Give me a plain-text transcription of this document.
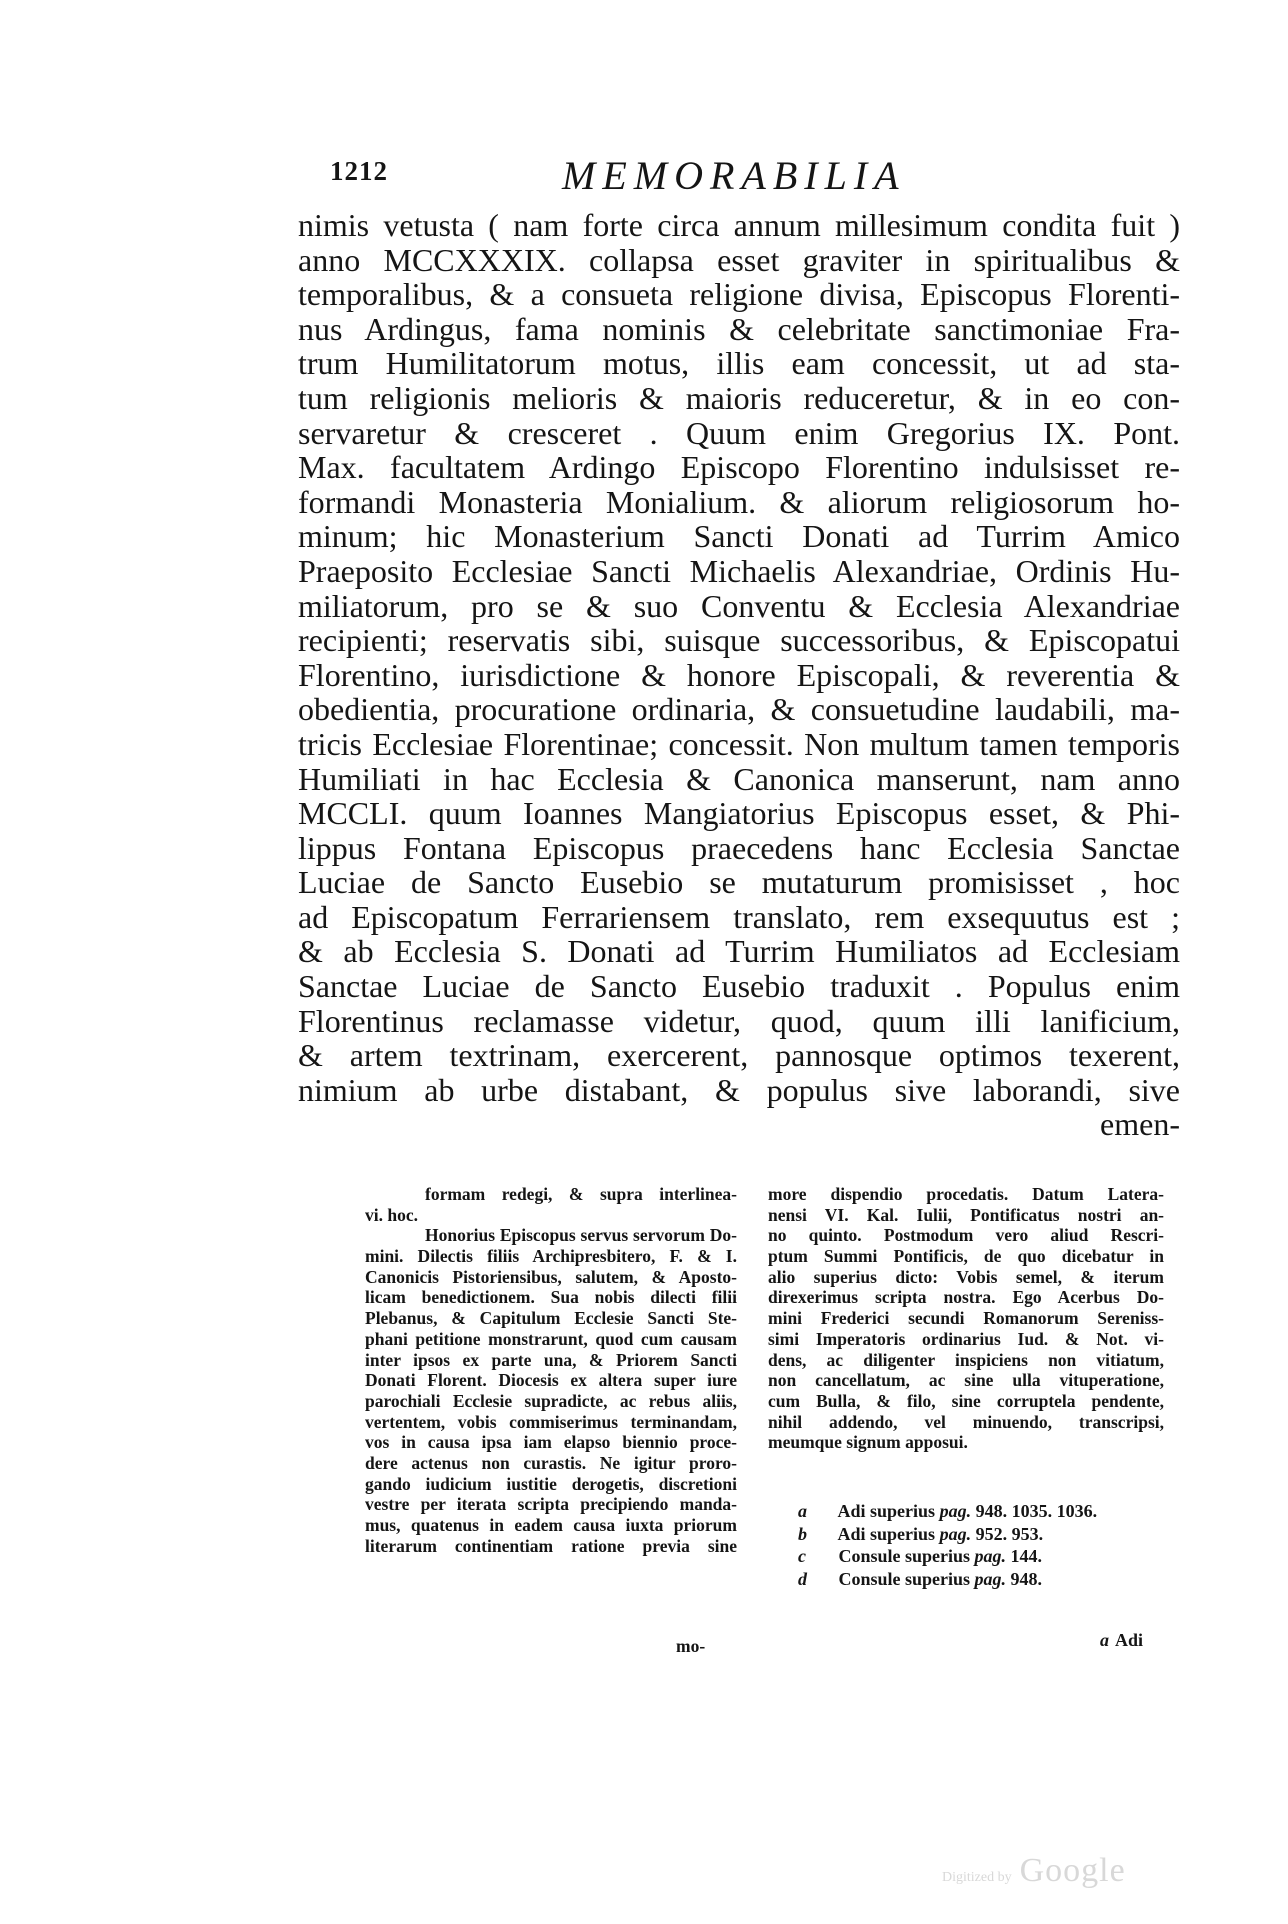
1212	MEMORABILIA
nimis vetusta ( nam forte circa annum millesimum condita fuit )
anno MCCXXXIX. collapsa esset graviter in spiritualibus &
temporalibus, & a consueta religione divisa, Episcopus Florenti-
nus Ardingus, fama nominis & celebritate sanctimoniae Fra-
trum Humilitatorum motus, illis eam concessit, ut ad sta-
tum religionis melioris & maioris reduceretur, & in eo con-
servaretur & cresceret . Quum enim Gregorius IX. Pont.
Max. facultatem Ardingo Episcopo Florentino indulsisset re-
formandi Monasteria Monialium. & aliorum religiosorum ho-
minum; hic Monasterium Sancti Donati ad Turrim Amico
Praeposito Ecclesiae Sancti Michaelis Alexandriae, Ordinis Hu-
miliatorum, pro se & suo Conventu & Ecclesia Alexandriae
recipienti; reservatis sibi, suisque successoribus, & Episcopatui
Florentino, iurisdictione & honore Episcopali, & reverentia &
obedientia, procuratione ordinaria, & consuetudine laudabili, ma-
tricis Ecclesiae Florentinae; concessit. Non multum tamen temporis
Humiliati in hac Ecclesia & Canonica manserunt, nam anno
MCCLI. quum Ioannes Mangiatorius Episcopus esset, & Phi-
lippus Fontana Episcopus praecedens hanc Ecclesia Sanctae
Luciae de Sancto Eusebio se mutaturum promisisset , hoc
ad Episcopatum Ferrariensem translato, rem exsequutus est ;
& ab Ecclesia S. Donati ad Turrim Humiliatos ad Ecclesiam
Sanctae Luciae de Sancto Eusebio traduxit . Populus enim
Florentinus reclamasse videtur, quod, quum illi lanificium,
& artem textrinam, exercerent, pannosque optimos texerent,
nimium ab urbe distabant, & populus sive laborandi, sive
emen-
formam redegi, & supra interlinea-
vi. hoc.
Honorius Episcopus servus servorum Do-
mini. Dilectis filiis Archipresbitero, F. & I.
Canonicis Pistoriensibus, salutem, & Aposto-
licam benedictionem. Sua nobis dilecti filii
Plebanus, & Capitulum Ecclesie Sancti Ste-
phani petitione monstrarunt, quod cum causam
inter ipsos ex parte una, & Priorem Sancti
Donati Florent. Diocesis ex altera super iure
parochiali Ecclesie supradicte, ac rebus aliis,
vertentem, vobis commiserimus terminandam,
vos in causa ipsa iam elapso biennio proce-
dere actenus non curastis. Ne igitur proro-
gando iudicium iustitie derogetis, discretioni
vestre per iterata scripta precipiendo manda-
mus, quatenus in eadem causa iuxta priorum
literarum continentiam ratione previa sine
more dispendio procedatis. Datum Latera-
nensi VI. Kal. Iulii, Pontificatus nostri an-
no quinto. Postmodum vero aliud Rescri-
ptum Summi Pontificis, de quo dicebatur in
alio superius dicto: Vobis semel, & iterum
direxerimus scripta nostra. Ego Acerbus Do-
mini Frederici secundi Romanorum Sereniss-
simi Imperatoris ordinarius Iud. & Not. vi-
dens, ac diligenter inspiciens non vitiatum,
non cancellatum, ac sine ulla vituperatione,
cum Bulla, & filo, sine corruptela pendente,
nihil addendo, vel minuendo, transcripsi,
meumque signum apposui.
a Adi superius pag. 948. 1035. 1036.
b Adi superius pag. 952. 953.
c Consule superius pag. 144.
d Consule superius pag. 948.
mo-	a Adi
Digitized by Google	a b c d
